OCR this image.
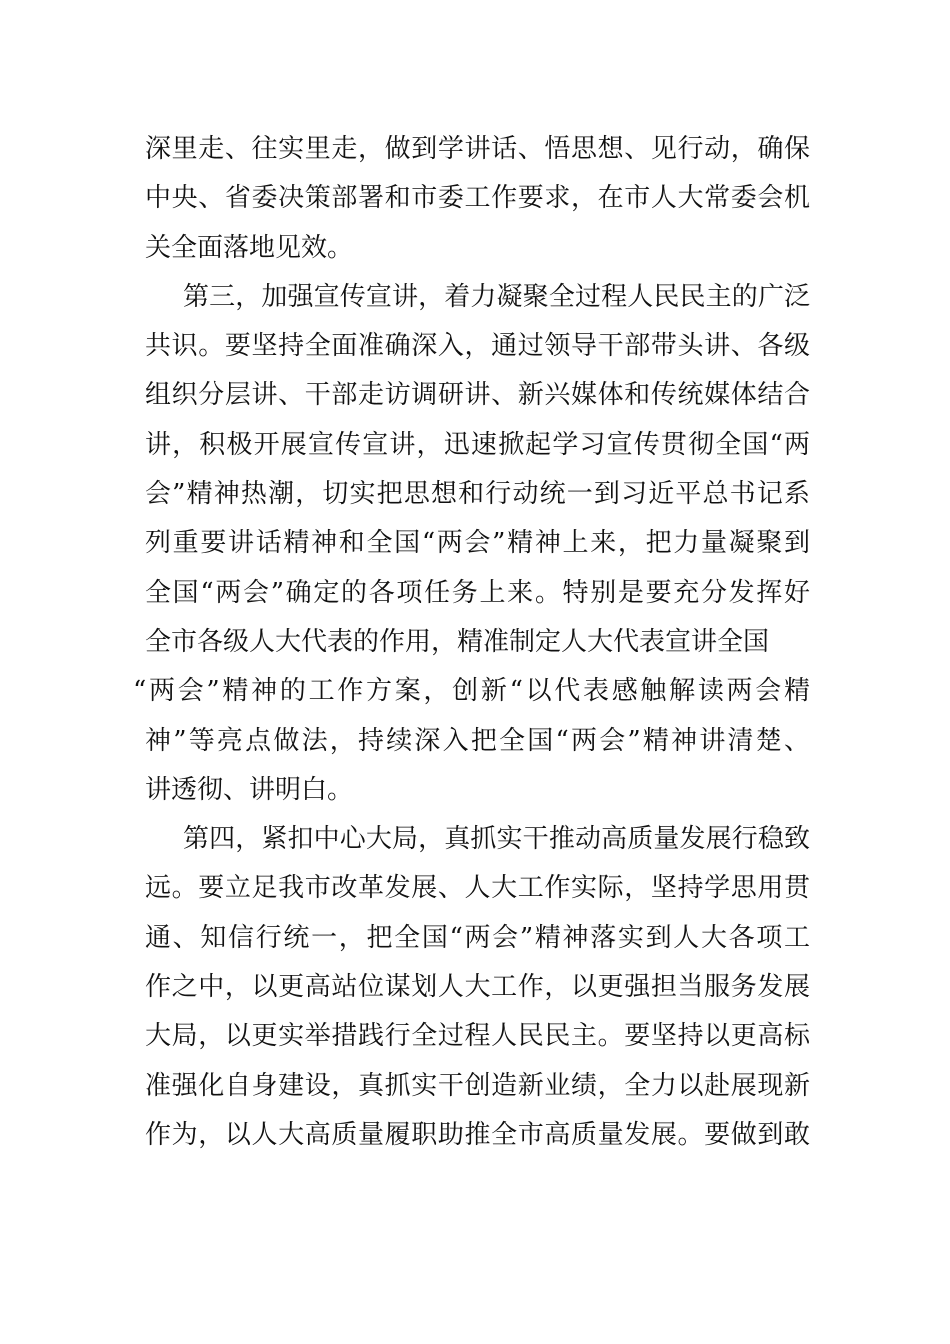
深里走、往实里走，做到学讲话、悟思想、见行动，确保
中央、省委决策部署和市委工作要求，在市人大常委会机
关全面落地见效。
第三，加强宣传宣讲，着力凝聚全过程人民民主的广泛
共识。要坚持全面准确深入，通过领导干部带头讲、各级
组织分层讲、干部走访调研讲、新兴媒体和传统媒体结合
讲，积极开展宣传宣讲，迅速掀起学习宣传贯彻全国“两
会”精神热潮，切实把思想和行动统一到习近平总书记系
列重要讲话精神和全国“两会”精神上来，把力量凝聚到
全国“两会”确定的各项任务上来。特别是要充分发挥好
全市各级人大代表的作用，精准制定人大代表宣讲全国
“两会”精神的工作方案，创新“以代表感触解读两会精
神”等亮点做法，持续深入把全国“两会”精神讲清楚、
讲透彻、讲明白。
第四，紧扣中心大局，真抓实干推动高质量发展行稳致
远。要立足我市改革发展、人大工作实际，坚持学思用贯
通、知信行统一，把全国“两会”精神落实到人大各项工
作之中，以更高站位谋划人大工作，以更强担当服务发展
大局，以更实举措践行全过程人民民主。要坚持以更高标
准强化自身建设，真抓实干创造新业绩，全力以赴展现新
作为，以人大高质量履职助推全市高质量发展。要做到敢
